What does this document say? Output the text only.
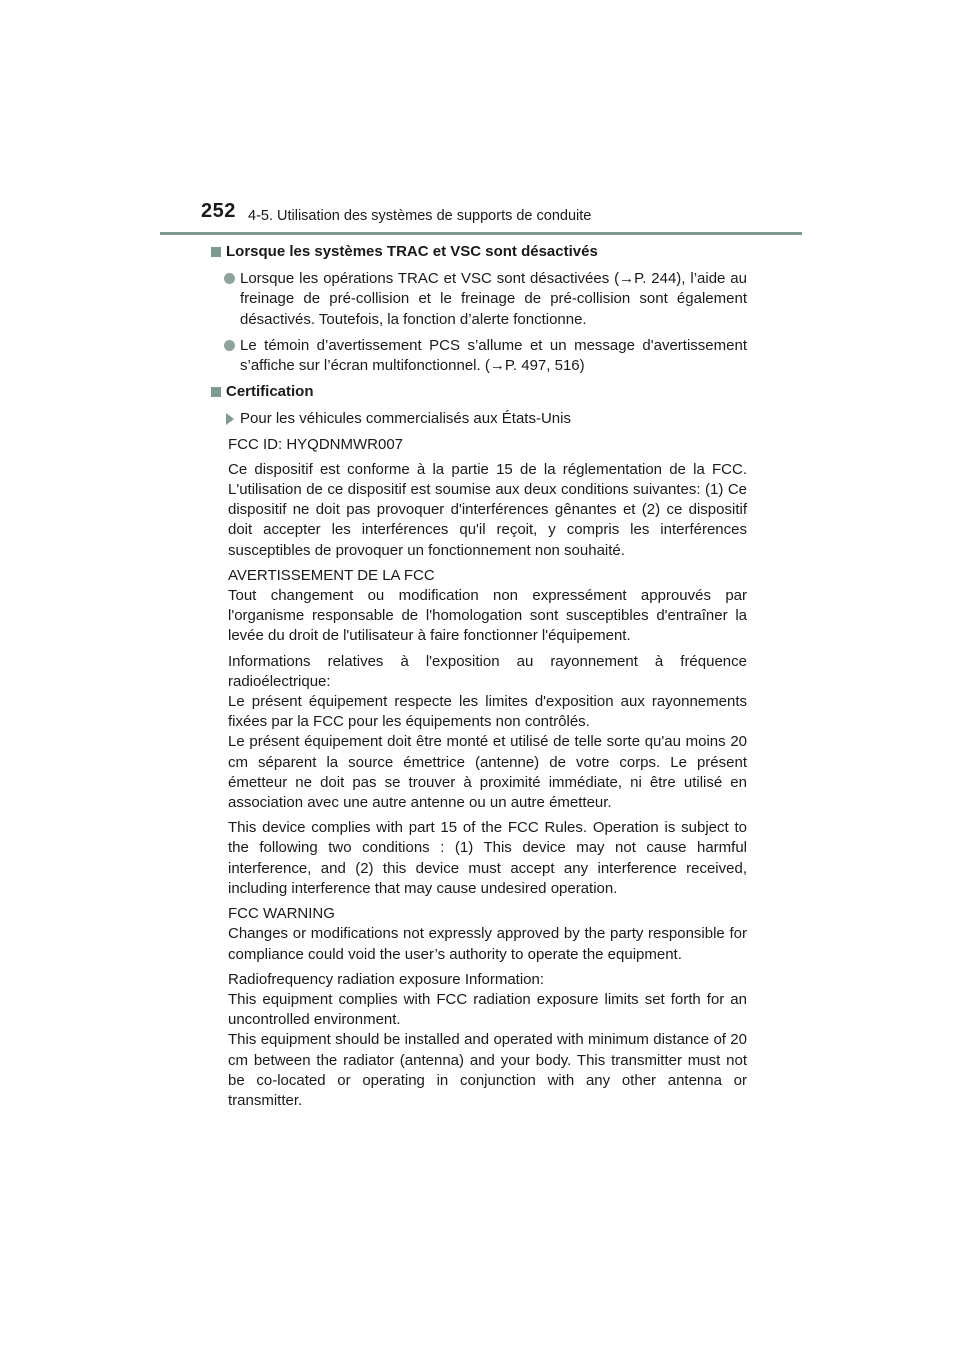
252 4-5. Utilisation des systèmes de supports de conduite
Lorsque les systèmes TRAC et VSC sont désactivés
Lorsque les opérations TRAC et VSC sont désactivées (→P. 244), l’aide au freinage de pré-collision et le freinage de pré-collision sont également désactivés. Toutefois, la fonction d’alerte fonctionne.
Le témoin d’avertissement PCS s’allume et un message d'avertissement s’affiche sur l’écran multifonctionnel. (→P. 497, 516)
Certification
Pour les véhicules commercialisés aux États-Unis

FCC ID: HYQDNMWR007

Ce dispositif est conforme à la partie 15 de la réglementation de la FCC. L'utilisation de ce dispositif est soumise aux deux conditions suivantes: (1) Ce dispositif ne doit pas provoquer d'interférences gênantes et (2) ce dispositif doit accepter les interférences qu'il reçoit, y compris les interférences susceptibles de provoquer un fonctionnement non souhaité.

AVERTISSEMENT DE LA FCC
Tout changement ou modification non expressément approuvés par l'organisme responsable de l'homologation sont susceptibles d'entraîner la levée du droit de l'utilisateur à faire fonctionner l'équipement.

Informations relatives à l'exposition au rayonnement à fréquence radioélectrique:
Le présent équipement respecte les limites d'exposition aux rayonnements fixées par la FCC pour les équipements non contrôlés.
Le présent équipement doit être monté et utilisé de telle sorte qu'au moins 20 cm séparent la source émettrice (antenne) de votre corps. Le présent émetteur ne doit pas se trouver à proximité immédiate, ni être utilisé en association avec une autre antenne ou un autre émetteur.

This device complies with part 15 of the FCC Rules. Operation is subject to the following two conditions : (1) This device may not cause harmful interference, and (2) this device must accept any interference received, including interference that may cause undesired operation.

FCC WARNING
Changes or modifications not expressly approved by the party responsible for compliance could void the user’s authority to operate the equipment.

Radiofrequency radiation exposure Information:
This equipment complies with FCC radiation exposure limits set forth for an uncontrolled environment.
This equipment should be installed and operated with minimum distance of 20 cm between the radiator (antenna) and your body. This transmitter must not be co-located or operating in conjunction with any other antenna or transmitter.
